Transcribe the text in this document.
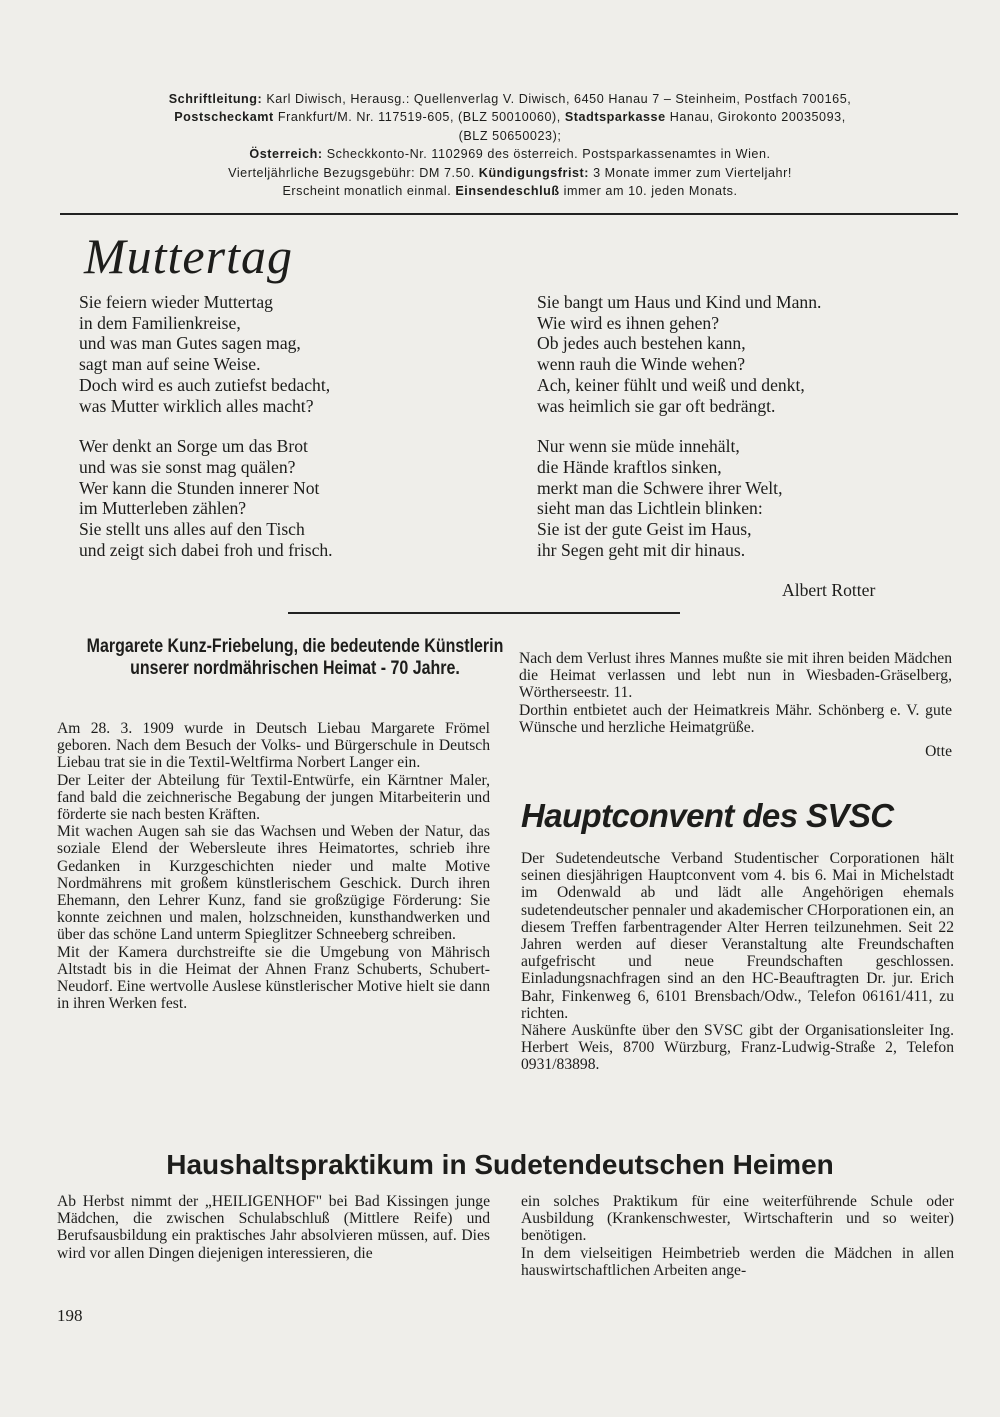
Schriftleitung: Karl Diwisch, Herausg.: Quellenverlag V. Diwisch, 6450 Hanau 7 – Steinheim, Postfach 700165,
Postscheckamt Frankfurt/M. Nr. 117519-605, (BLZ 50010060), Stadtsparkasse Hanau, Girokonto 20035093,
(BLZ 50650023);
Österreich: Scheckkonto-Nr. 1102969 des österreich. Postsparkassenamtes in Wien.
Vierteljährliche Bezugsgebühr: DM 7.50. Kündigungsfrist: 3 Monate immer zum Vierteljahr!
Erscheint monatlich einmal. Einsendeschluß immer am 10. jeden Monats.
Muttertag
Sie feiern wieder Muttertag
in dem Familienkreise,
und was man Gutes sagen mag,
sagt man auf seine Weise.
Doch wird es auch zutiefst bedacht,
was Mutter wirklich alles macht?
Wer denkt an Sorge um das Brot
und was sie sonst mag quälen?
Wer kann die Stunden innerer Not
im Mutterleben zählen?
Sie stellt uns alles auf den Tisch
und zeigt sich dabei froh und frisch.
Sie bangt um Haus und Kind und Mann.
Wie wird es ihnen gehen?
Ob jedes auch bestehen kann,
wenn rauh die Winde wehen?
Ach, keiner fühlt und weiß und denkt,
was heimlich sie gar oft bedrängt.
Nur wenn sie müde innehält,
die Hände kraftlos sinken,
merkt man die Schwere ihrer Welt,
sieht man das Lichtlein blinken:
Sie ist der gute Geist im Haus,
ihr Segen geht mit dir hinaus.
Albert Rotter
Margarete Kunz-Friebelung, die bedeutende Künstlerin unserer nordmährischen Heimat - 70 Jahre.

Am 28. 3. 1909 wurde in Deutsch Liebau Margarete Frömel geboren. Nach dem Besuch der Volks- und Bürgerschule in Deutsch Liebau trat sie in die Textil-Weltfirma Norbert Langer ein.

Der Leiter der Abteilung für Textil-Entwürfe, ein Kärntner Maler, fand bald die zeichnerische Begabung der jungen Mitarbeiterin und förderte sie nach besten Kräften.

Mit wachen Augen sah sie das Wachsen und Weben der Natur, das soziale Elend der Webersleute ihres Heimatortes, schrieb ihre Gedanken in Kurzgeschichten nieder und malte Motive Nordmährens mit großem künstlerischem Geschick. Durch ihren Ehemann, den Lehrer Kunz, fand sie großzügige Förderung: Sie konnte zeichnen und malen, holzschneiden, kunsthandwerken und über das schöne Land unterm Spieglitzer Schneeberg schreiben.

Mit der Kamera durchstreifte sie die Umgebung von Mährisch Altstadt bis in die Heimat der Ahnen Franz Schuberts, Schubert-Neudorf. Eine wertvolle Auslese künstlerischer Motive hielt sie dann in ihren Werken fest.

Nach dem Verlust ihres Mannes mußte sie mit ihren beiden Mädchen die Heimat verlassen und lebt nun in Wiesbaden-Gräselberg, Wörtherseestr. 11.

Dorthin entbietet auch der Heimatkreis Mähr. Schönberg e. V. gute Wünsche und herzliche Heimatgrüße.

Otte

Hauptconvent des SVSC

Der Sudetendeutsche Verband Studentischer Corporationen hält seinen diesjährigen Hauptconvent vom 4. bis 6. Mai in Michelstadt im Odenwald ab und lädt alle Angehörigen ehemals sudetendeutscher pennaler und akademischer CHorporationen ein, an diesem Treffen farbentragender Alter Herren teilzunehmen. Seit 22 Jahren werden auf dieser Veranstaltung alte Freundschaften aufgefrischt und neue Freundschaften geschlossen. Einladungsnachfragen sind an den HC-Beauftragten Dr. jur. Erich Bahr, Finkenweg 6, 6101 Brensbach/Odw., Telefon 06161/411, zu richten.

Nähere Auskünfte über den SVSC gibt der Organisationsleiter Ing. Herbert Weis, 8700 Würzburg, Franz-Ludwig-Straße 2, Telefon 0931/83898.

Haushaltspraktikum in Sudetendeutschen Heimen

Ab Herbst nimmt der „HEILIGENHOF" bei Bad Kissingen junge Mädchen, die zwischen Schulabschluß (Mittlere Reife) und Berufsausbildung ein praktisches Jahr absolvieren müssen, auf. Dies wird vor allen Dingen diejenigen interessieren, die

ein solches Praktikum für eine weiterführende Schule oder Ausbildung (Krankenschwester, Wirtschafterin und so weiter) benötigen.

In dem vielseitigen Heimbetrieb werden die Mädchen in allen hauswirtschaftlichen Arbeiten ange-

198
